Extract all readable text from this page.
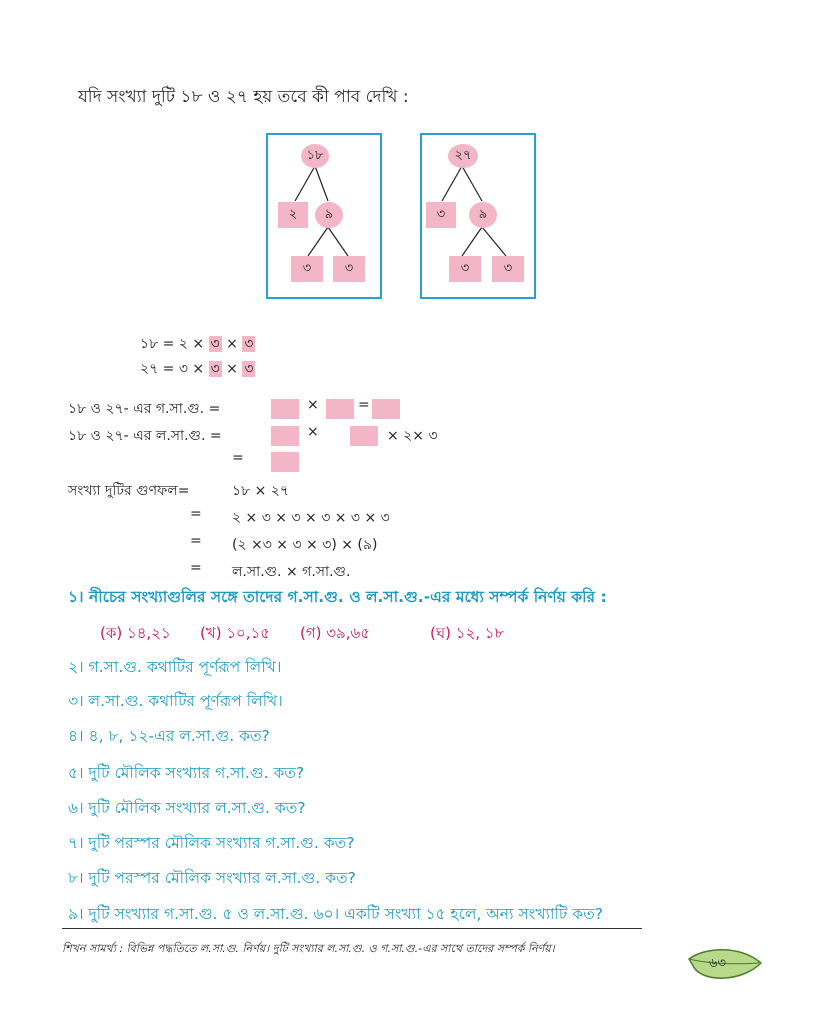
যদি সংখ্যা দুটি ১৮ ও ২৭ হয় তবে কী পাব দেখি :
১৮
২	৯
৩	৩
২৭
৩	৯
৩	৩
১৮ = ২ × ৩ × ৩
২৭ = ৩ × ৩ × ৩
১৮ ও ২৭- এর গ.সা.গু. =	×	=
১৮ ও ২৭- এর ল.সা.গু. =	×	× ২× ৩
=
সংখ্যা দুটির গুণফল=	১৮ × ২৭
= ২ × ৩ × ৩ × ৩ × ৩ × ৩
= (২ ×৩ × ৩ × ৩) × (৯)
= ল.সা.গু. × গ.সা.গু.
১। নীচের সংখ্যাগুলির সঙ্গে তাদের গ.সা.গু. ও ল.সা.গু.-এর মধ্যে সম্পর্ক নির্ণয় করি :
(ক) ১৪,২১ (খ) ১০,১৫ (গ) ৩৯,৬৫	(ঘ) ১২, ১৮
২। গ.সা.গু. কথাটির পূর্ণরূপ লিখি।
৩। ল.সা.গু. কথাটির পূর্ণরূপ লিখি।
৪। ৪, ৮, ১২-এর ল.সা.গু. কত?
৫। দুটি মৌলিক সংখ্যার গ.সা.গু. কত?
৬। দুটি মৌলিক সংখ্যার ল.সা.গু. কত?
৭। দুটি পরস্পর মৌলিক সংখ্যার গ.সা.গু. কত?
৮। দুটি পরস্পর মৌলিক সংখ্যার ল.সা.গু. কত?
৯। দুটি সংখ্যার গ.সা.গু. ৫ ও ল.সা.গু. ৬০। একটি সংখ্যা ১৫ হলে, অন্য সংখ্যাটি কত?
শিখন সামর্থ্য : বিভিন্ন পদ্ধতিতে ল.সা.গু. নির্ণয়। দুটি সংখ্যার ল.সা.গু. ও গ.সা.গু.-এর সাথে তাদের সম্পর্ক নির্ণয়।
৬৩
